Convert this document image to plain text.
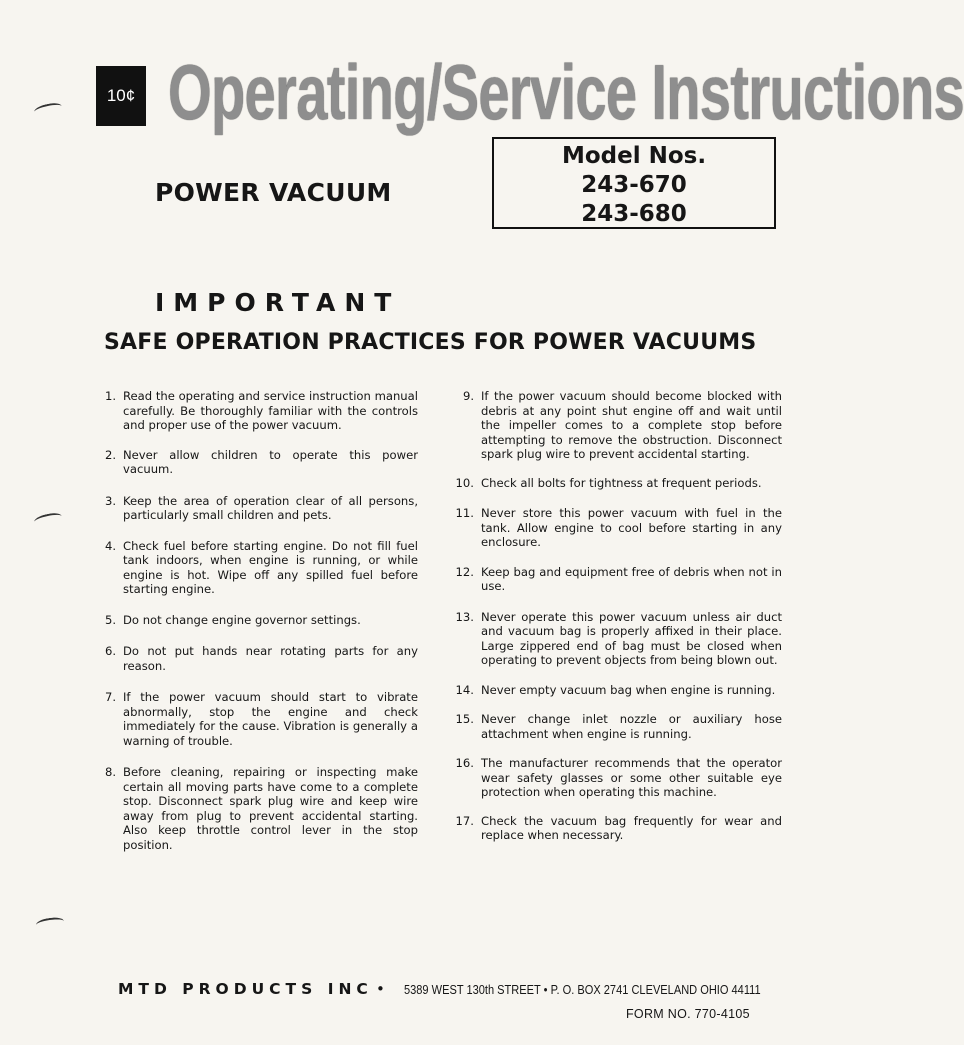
10¢ Operating/Service Instructions
Model Nos.
243-670
243-680
POWER VACUUM
IMPORTANT
SAFE OPERATION PRACTICES FOR POWER VACUUMS
1. Read the operating and service instruction manual carefully. Be thoroughly familiar with the controls and proper use of the power vacuum.
2. Never allow children to operate this power vacuum.
3. Keep the area of operation clear of all persons, particularly small children and pets.
4. Check fuel before starting engine. Do not fill fuel tank indoors, when engine is running, or while engine is hot. Wipe off any spilled fuel before starting engine.
5. Do not change engine governor settings.
6. Do not put hands near rotating parts for any reason.
7. If the power vacuum should start to vibrate abnormally, stop the engine and check immediately for the cause. Vibration is generally a warning of trouble.
8. Before cleaning, repairing or inspecting make certain all moving parts have come to a complete stop. Disconnect spark plug wire and keep wire away from plug to prevent accidental starting. Also keep throttle control lever in the stop position.
9. If the power vacuum should become blocked with debris at any point shut engine off and wait until the impeller comes to a complete stop before attempting to remove the obstruction. Disconnect spark plug wire to prevent accidental starting.
10. Check all bolts for tightness at frequent periods.
11. Never store this power vacuum with fuel in the tank. Allow engine to cool before starting in any enclosure.
12. Keep bag and equipment free of debris when not in use.
13. Never operate this power vacuum unless air duct and vacuum bag is properly affixed in their place. Large zippered end of bag must be closed when operating to prevent objects from being blown out.
14. Never empty vacuum bag when engine is running.
15. Never change inlet nozzle or auxiliary hose attachment when engine is running.
16. The manufacturer recommends that the operator wear safety glasses or some other suitable eye protection when operating this machine.
17. Check the vacuum bag frequently for wear and replace when necessary.
MTD PRODUCTS INC • 5389 WEST 130th STREET • P. O. BOX 2741 CLEVELAND OHIO 44111
FORM NO. 770-4105
